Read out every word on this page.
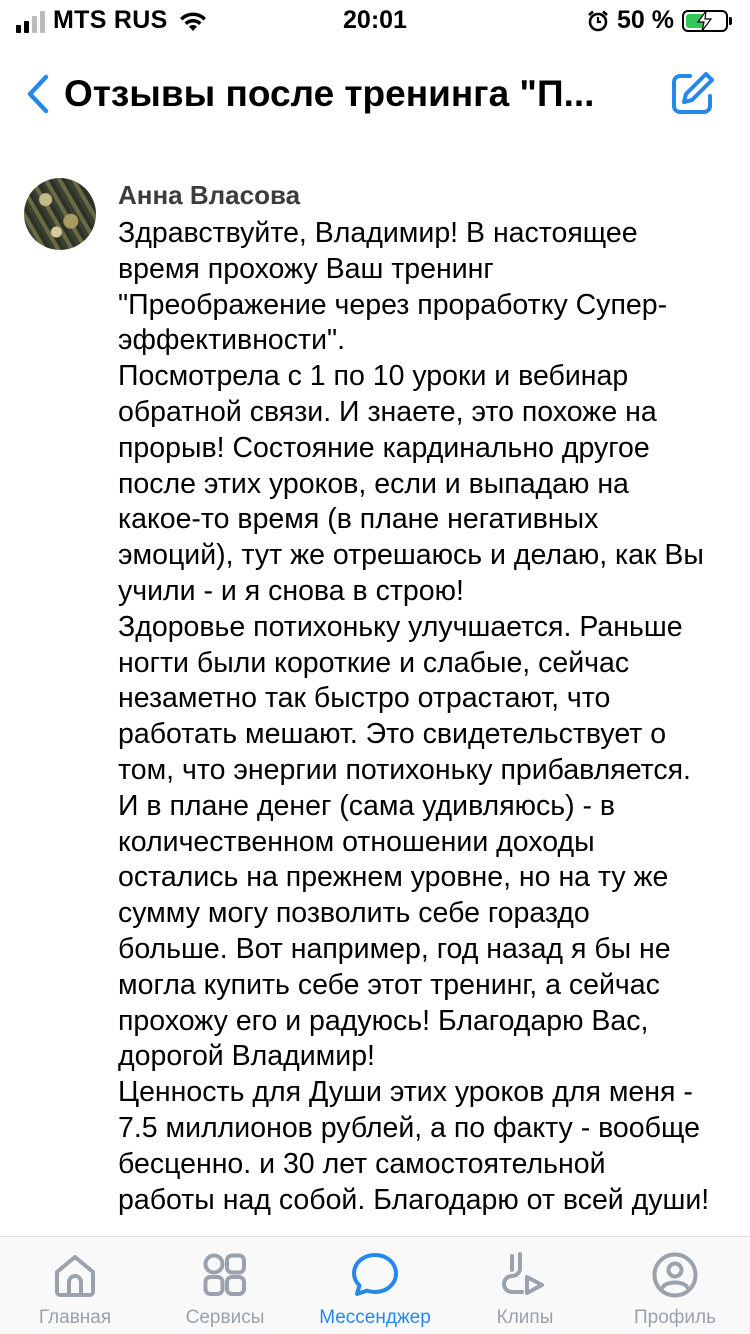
MTS RUS	20:01	50 %
Отзывы после тренинга "П...
Анна Власова

Здравствуйте, Владимир! В настоящее

время прохожу Ваш тренинг

"Преображение через проработку Супер-

эффективности".

Посмотрела с 1 по 10 уроки и вебинар

обратной связи. И знаете, это похоже на

прорыв! Состояние кардинально другое

после этих уроков, если и выпадаю на

какое-то время (в плане негативных

эмоций), тут же отрешаюсь и делаю, как Вы

учили - и я снова в строю!

Здоровье потихоньку улучшается. Раньше

ногти были короткие и слабые, сейчас

незаметно так быстро отрастают, что

работать мешают. Это свидетельствует о

том, что энергии потихоньку прибавляется.

И в плане денег (сама удивляюсь) - в

количественном отношении доходы

остались на прежнем уровне, но на ту же

сумму могу позволить себе гораздо

больше. Вот например, год назад я бы не

могла купить себе этот тренинг, а сейчас

прохожу его и радуюсь! Благодарю Вас,

дорогой Владимир!

Ценность для Души этих уроков для меня -

7.5 миллионов рублей, а по факту - вообще

бесценно. и 30 лет самостоятельной

работы над собой. Благодарю от всей души!

Главная	Сервисы	Мессенджер	Клипы	Профиль
